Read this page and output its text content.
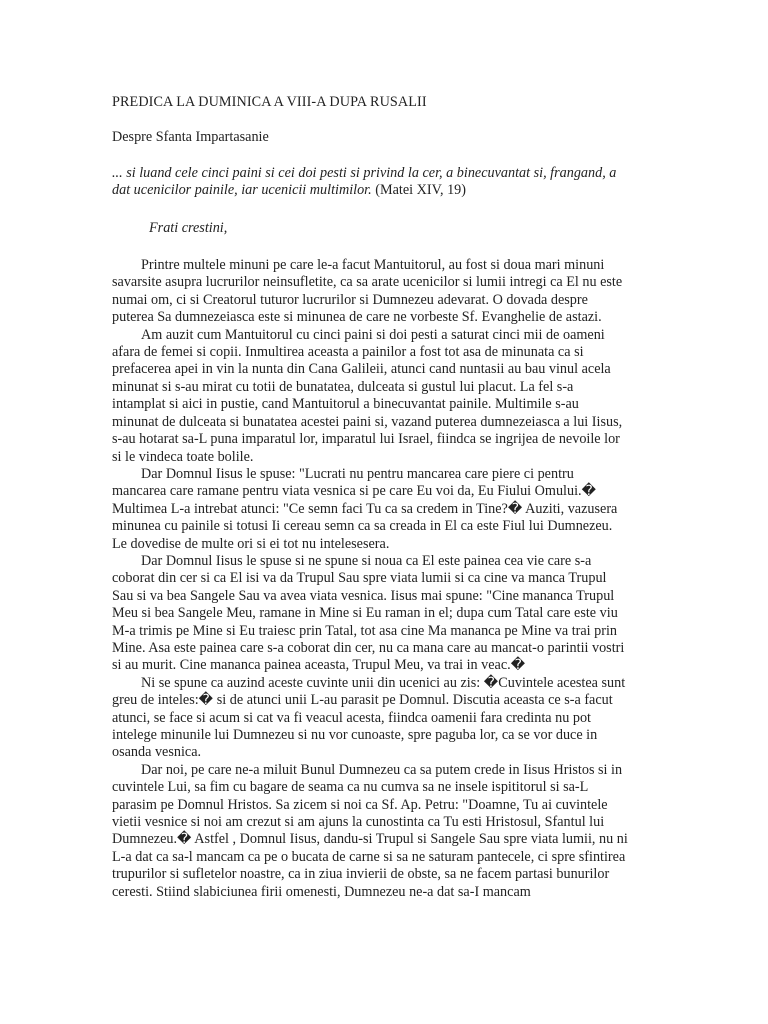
PREDICA LA DUMINICA A VIII-A DUPA RUSALII

Despre Sfanta Impartasanie

... si luand cele cinci paini si cei doi pesti si privind la cer, a binecuvantat si, frangand, a dat ucenicilor painile, iar ucenicii multimilor. (Matei XIV, 19)

Frati crestini,

Printre multele minuni pe care le-a facut Mantuitorul, au fost si doua mari minuni savarsite asupra lucrurilor neinsufletite, ca sa arate ucenicilor si lumii intregi ca El nu este numai om, ci si Creatorul tuturor lucrurilor si Dumnezeu adevarat. O dovada despre puterea Sa dumnezeiasca este si minunea de care ne vorbeste Sf. Evanghelie de astazi.

Am auzit cum Mantuitorul cu cinci paini si doi pesti a saturat cinci mii de oameni afara de femei si copii. Inmultirea aceasta a painilor a fost tot asa de minunata ca si prefacerea apei in vin la nunta din Cana Galileii, atunci cand nuntasii au bau vinul acela minunat si s-au mirat cu totii de bunatatea, dulceata si gustul lui placut. La fel s-a intamplat si aici in pustie, cand Mantuitorul a binecuvantat painile. Multimile s-au minunat de dulceata si bunatatea acestei paini si, vazand puterea dumnezeiasca a lui Iisus, s-au hotarat sa-L puna imparatul lor, imparatul lui Israel, fiindca se ingrijea de nevoile lor si le vindeca toate bolile.

Dar Domnul Iisus le spuse: "Lucrati nu pentru mancarea care piere ci pentru mancarea care ramane pentru viata vesnica si pe care Eu voi da, Eu Fiului Omului.� Multimea L-a intrebat atunci: "Ce semn faci Tu ca sa credem in Tine?� Auziti, vazusera minunea cu painile si totusi Ii cereau semn ca sa creada in El ca este Fiul lui Dumnezeu. Le dovedise de multe ori si ei tot nu intelesesera.

Dar Domnul Iisus le spuse si ne spune si noua ca El este painea cea vie care s-a coborat din cer si ca El isi va da Trupul Sau spre viata lumii si ca cine va manca Trupul Sau si va bea Sangele Sau va avea viata vesnica. Iisus mai spune: "Cine mananca Trupul Meu si bea Sangele Meu, ramane in Mine si Eu raman in el; dupa cum Tatal care este viu M-a trimis pe Mine si Eu traiesc prin Tatal, tot asa cine Ma mananca pe Mine va trai prin Mine. Asa este painea care s-a coborat din cer, nu ca mana care au mancat-o parintii vostri si au murit. Cine mananca painea aceasta, Trupul Meu, va trai in veac.�

Ni se spune ca auzind aceste cuvinte unii din ucenici au zis: �Cuvintele acestea sunt greu de inteles:� si de atunci unii L-au parasit pe Domnul. Discutia aceasta ce s-a facut atunci, se face si acum si cat va fi veacul acesta, fiindca oamenii fara credinta nu pot intelege minunile lui Dumnezeu si nu vor cunoaste, spre paguba lor, ca se vor duce in osanda vesnica.

Dar noi, pe care ne-a miluit Bunul Dumnezeu ca sa putem crede in Iisus Hristos si in cuvintele Lui, sa fim cu bagare de seama ca nu cumva sa ne insele ispititorul si sa-L parasim pe Domnul Hristos. Sa zicem si noi ca Sf. Ap. Petru: "Doamne, Tu ai cuvintele vietii vesnice si noi am crezut si am ajuns la cunostinta ca Tu esti Hristosul, Sfantul lui Dumnezeu.� Astfel , Domnul Iisus, dandu-si Trupul si Sangele Sau spre viata lumii, nu ni L-a dat ca sa-l mancam ca pe o bucata de carne si sa ne saturam pantecele, ci spre sfintirea trupurilor si sufletelor noastre, ca in ziua invierii de obste, sa ne facem partasi bunurilor ceresti. Stiind slabiciunea firii omenesti, Dumnezeu ne-a dat sa-I mancam
